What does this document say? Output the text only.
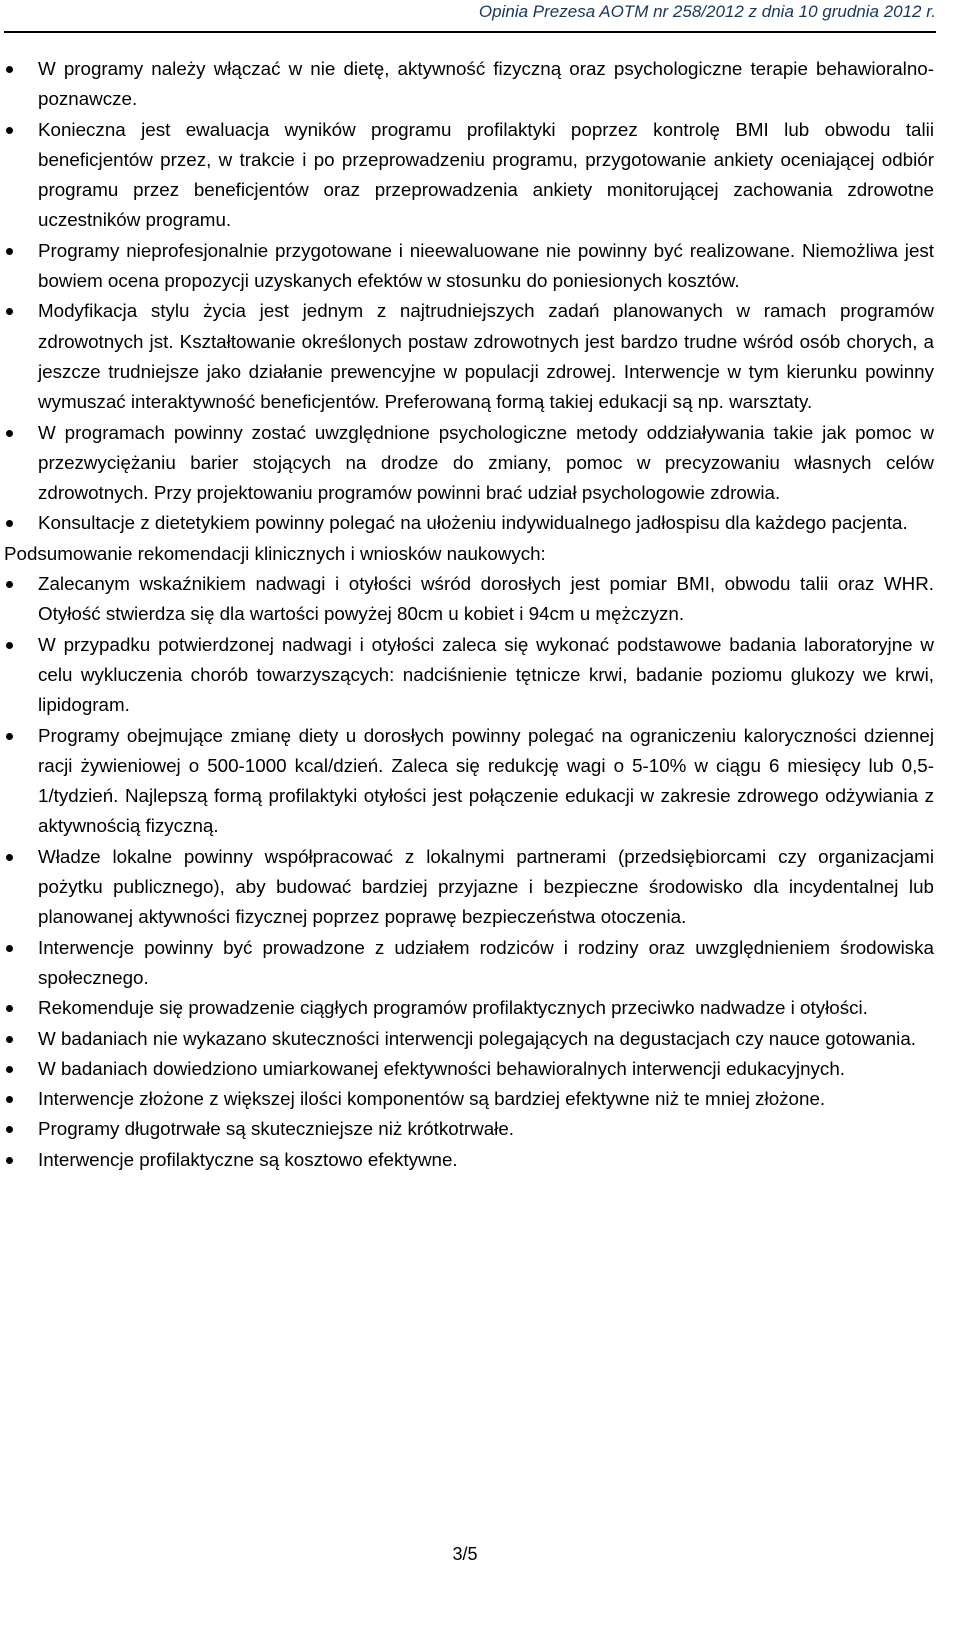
Opinia Prezesa AOTM nr 258/2012 z dnia 10 grudnia 2012 r.
W programy należy włączać w nie dietę, aktywność fizyczną oraz psychologiczne terapie behawioralno-poznawcze.
Konieczna jest ewaluacja wyników programu profilaktyki poprzez kontrolę BMI lub obwodu talii beneficjentów przez, w trakcie i po przeprowadzeniu programu, przygotowanie ankiety oceniającej odbiór programu przez beneficjentów oraz przeprowadzenia ankiety monitorującej zachowania zdrowotne uczestników programu.
Programy nieprofesjonalnie przygotowane i nieewaluowane nie powinny być realizowane. Niemożliwa jest bowiem ocena propozycji uzyskanych efektów w stosunku do poniesionych kosztów.
Modyfikacja stylu życia jest jednym z najtrudniejszych zadań planowanych w ramach programów zdrowotnych jst. Kształtowanie określonych postaw zdrowotnych jest bardzo trudne wśród osób chorych, a jeszcze trudniejsze jako działanie prewencyjne w populacji zdrowej. Interwencje w tym kierunku powinny wymuszać interaktywność beneficjentów. Preferowaną formą takiej edukacji są np. warsztaty.
W programach powinny zostać uwzględnione psychologiczne metody oddziaływania takie jak pomoc w przezwyciężaniu barier stojących na drodze do zmiany, pomoc w precyzowaniu własnych celów zdrowotnych. Przy projektowaniu programów powinni brać udział psychologowie zdrowia.
Konsultacje z dietetykiem powinny polegać na ułożeniu indywidualnego jadłospisu dla każdego pacjenta.

Podsumowanie rekomendacji klinicznych i wniosków naukowych:

Zalecanym wskaźnikiem nadwagi i otyłości wśród dorosłych jest pomiar BMI, obwodu talii oraz WHR. Otyłość stwierdza się dla wartości powyżej 80cm u kobiet i 94cm u mężczyzn.
W przypadku potwierdzonej nadwagi i otyłości zaleca się wykonać podstawowe badania laboratoryjne w celu wykluczenia chorób towarzyszących: nadciśnienie tętnicze krwi, badanie poziomu glukozy we krwi, lipidogram.
Programy obejmujące zmianę diety u dorosłych powinny polegać na ograniczeniu kaloryczności dziennej racji żywieniowej o 500-1000 kcal/dzień. Zaleca się redukcję wagi o 5-10% w ciągu 6 miesięcy lub 0,5-1/tydzień. Najlepszą formą profilaktyki otyłości jest połączenie edukacji w zakresie zdrowego odżywiania z aktywnością fizyczną.
Władze lokalne powinny współpracować z lokalnymi partnerami (przedsiębiorcami czy organizacjami pożytku publicznego), aby budować bardziej przyjazne i bezpieczne środowisko dla incydentalnej lub planowanej aktywności fizycznej poprzez poprawę bezpieczeństwa otoczenia.
Interwencje powinny być prowadzone z udziałem rodziców i rodziny oraz uwzględnieniem środowiska społecznego.
Rekomenduje się prowadzenie ciągłych programów profilaktycznych przeciwko nadwadze i otyłości.
W badaniach nie wykazano skuteczności interwencji polegających na degustacjach czy nauce gotowania.
W badaniach dowiedziono umiarkowanej efektywności behawioralnych interwencji edukacyjnych.
Interwencje złożone z większej ilości komponentów są bardziej efektywne niż te mniej złożone.
Programy długotrwałe są skuteczniejsze niż krótkotrwałe.
Interwencje profilaktyczne są kosztowo efektywne.
3/5
